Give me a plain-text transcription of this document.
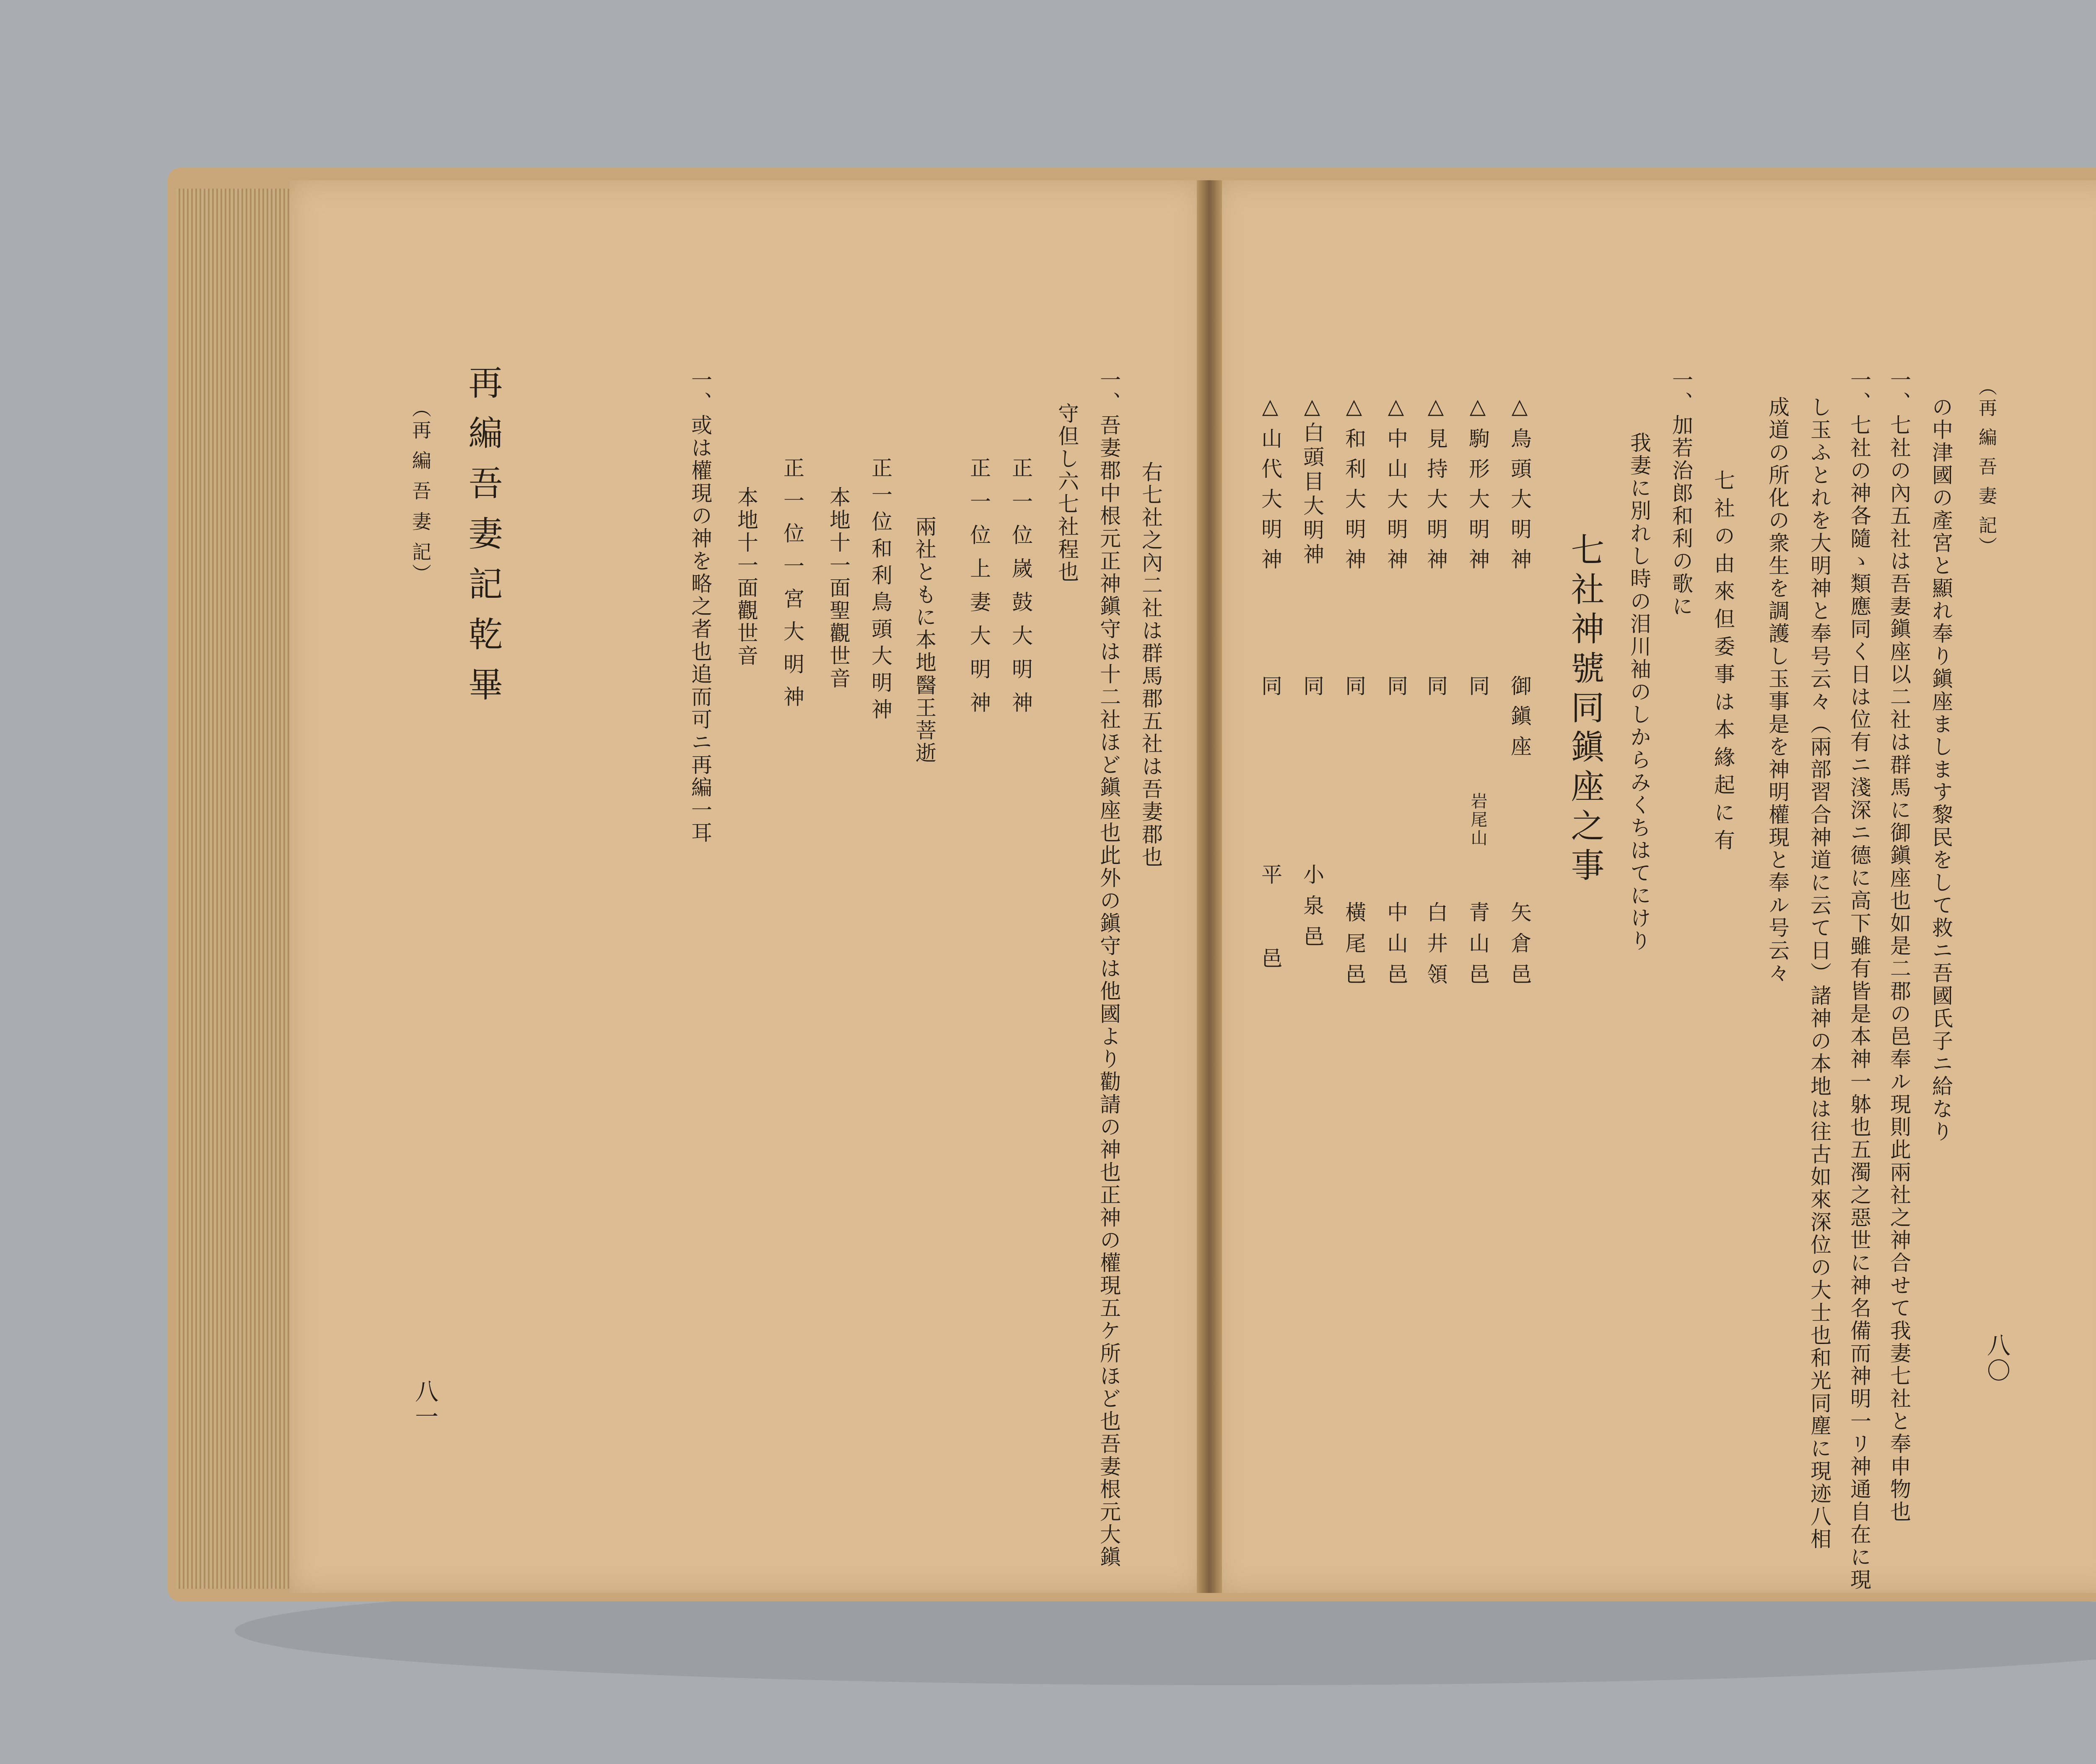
（再 編 吾 妻 記）
八〇
の中津國の產宮と顯れ奉り鎭座まします黎民をして救ニ吾國氏子ニ給なり
一、七社の內五社は吾妻鎭座以二社は群馬に御鎭座也如是二郡の邑奉ル現則此兩社之神合せて我妻七社と奉申物也
一、七社の神各隨ゝ類應同く日は位有ニ淺深ニ德に高下雖有皆是本神一躰也五濁之惡世に神名備而神明一リ神通自在に現
し玉ふとれを大明神と奉号云々（兩部習合神道に云て日）諸神の本地は往古如來深位の大士也和光同塵に現迹八相
成道の所化の衆生を調護し玉事是を神明權現と奉ル号云々
七社の由來但委事は本緣起に有
一、加若治郎和利の歌に
我妻に別れし時の泪川袖のしからみくちはてにけり
七社神號同鎭座之事
△鳥頭大明神
御鎭座
矢倉邑
△駒形大明神
同
岩尾山
青山邑
△見持大明神
同
白井領
△中山大明神
同
中山邑
△和利大明神
同
橫尾邑
△白頭目大明神
同
小泉邑
△山代大明神
同
平邑
右七社之內二社は群馬郡五社は吾妻郡也
一、吾妻郡中根元正神鎭守は十二社ほど鎭座也此外の鎭守は他國より勸請の神也正神の權現五ケ所ほど也吾妻根元大鎭
守但し六七社程也
正一位嵗鼓大明神
正一位上妻大明神
兩社ともに本地醫王菩逝
正一位和利鳥頭大明神
本地十一面聖觀世音
正一位一宮大明神
本地十一面觀世音
一、或は權現の神を略之者也追而可ニ再編一耳
再編吾妻記乾畢
（再 編 吾 妻 記）
八一
